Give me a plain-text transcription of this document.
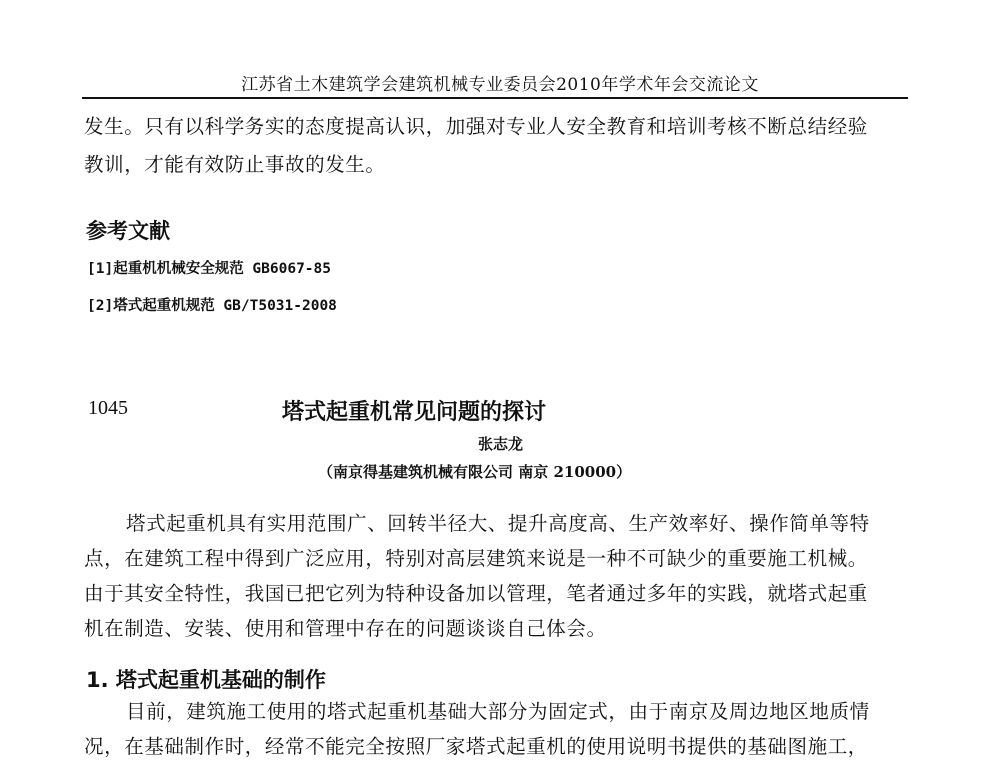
江苏省土木建筑学会建筑机械专业委员会2010年学术年会交流论文
发生。只有以科学务实的态度提高认识，加强对专业人安全教育和培训考核不断总结经验
教训，才能有效防止事故的发生。
参考文献
[1]起重机机械安全规范 GB6067-85
[2]塔式起重机规范 GB/T5031-2008
1045	塔式起重机常见问题的探讨
张志龙
（南京得基建筑机械有限公司 南京 210000）
塔式起重机具有实用范围广、回转半径大、提升高度高、生产效率好、操作简单等特
点，在建筑工程中得到广泛应用，特别对高层建筑来说是一种不可缺少的重要施工机械。
由于其安全特性，我国已把它列为特种设备加以管理，笔者通过多年的实践，就塔式起重
机在制造、安装、使用和管理中存在的问题谈谈自己体会。
1. 塔式起重机基础的制作
目前，建筑施工使用的塔式起重机基础大部分为固定式，由于南京及周边地区地质情
况，在基础制作时，经常不能完全按照厂家塔式起重机的使用说明书提供的基础图施工，
